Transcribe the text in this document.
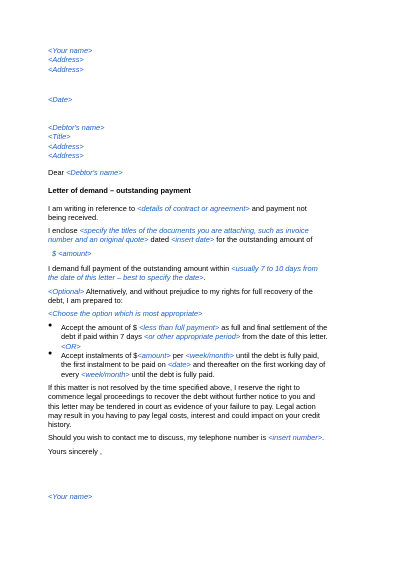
<Your name>
<Address>
<Address>
<Date>
<Debtor's name>
<Title>
<Address>
<Address>
Dear <Debtor's name>
Letter of demand – outstanding payment
I am writing in reference to <details of contract or agreement> and payment not
being received.
I enclose <specify the titles of the documents you are attaching, such as invoice
number and an original quote> dated <insert date> for the outstanding amount of
$ <amount>
I demand full payment of the outstanding amount within <usually 7 to 10 days from
the date of this letter – best to specify the date>.
<Optional> Alternatively, and without prejudice to my rights for full recovery of the
debt, I am prepared to:
<Choose the option which is most appropriate>
● Accept the amount of $ <less than full payment> as full and final settlement of the
debt if paid within 7 days <or other appropriate period> from the date of this letter.
<OR>
● Accept instalments of $<amount> per <week/month> until the debt is fully paid,
the first instalment to be paid on <date> and thereafter on the first working day of
every <week/month> until the debt is fully paid.
If this matter is not resolved by the time specified above, I reserve the right to
commence legal proceedings to recover the debt without further notice to you and
this letter may be tendered in court as evidence of your failure to pay. Legal action
may result in you having to pay legal costs, interest and could impact on your credit
history.
Should you wish to contact me to discuss, my telephone number is <insert number>.
Yours sincerely ,
<Your name>
